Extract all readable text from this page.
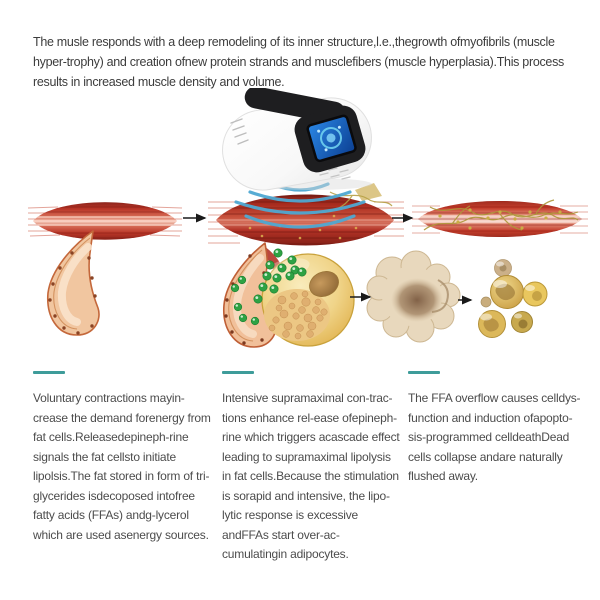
The musle responds with a deep remodeling of its inner structure,l.e.,thegrowth ofmyofibrils (muscle hyper-trophy) and creation ofnew protein strands and musclefibers (muscle hyperplasia).This process results in increased muscle density and volume.

Voluntary contractions mayin-crease the demand forenergy from fat cells.Releasedepineph-rine signals the fat cellsto initiate lipolsis.The fat stored in form of tri-glycerides isdecoposed intofree fatty acids (FFAs) andg-lycerol which are used asenergy sources.

Intensive supramaximal con-trac-tions enhance rel-ease ofepineph-rine which triggers acascade effect leading to supramaximal lipolysis in fat cells.Because the stimulation is sorapid and intensive, the lipo-lytic response is excessive andFFAs start over-ac-cumulatingin adipocytes.

The FFA overflow causes celldys-function and induction ofapopto-sis-programmed celldeathDead cells collapse andare naturally flushed away.
